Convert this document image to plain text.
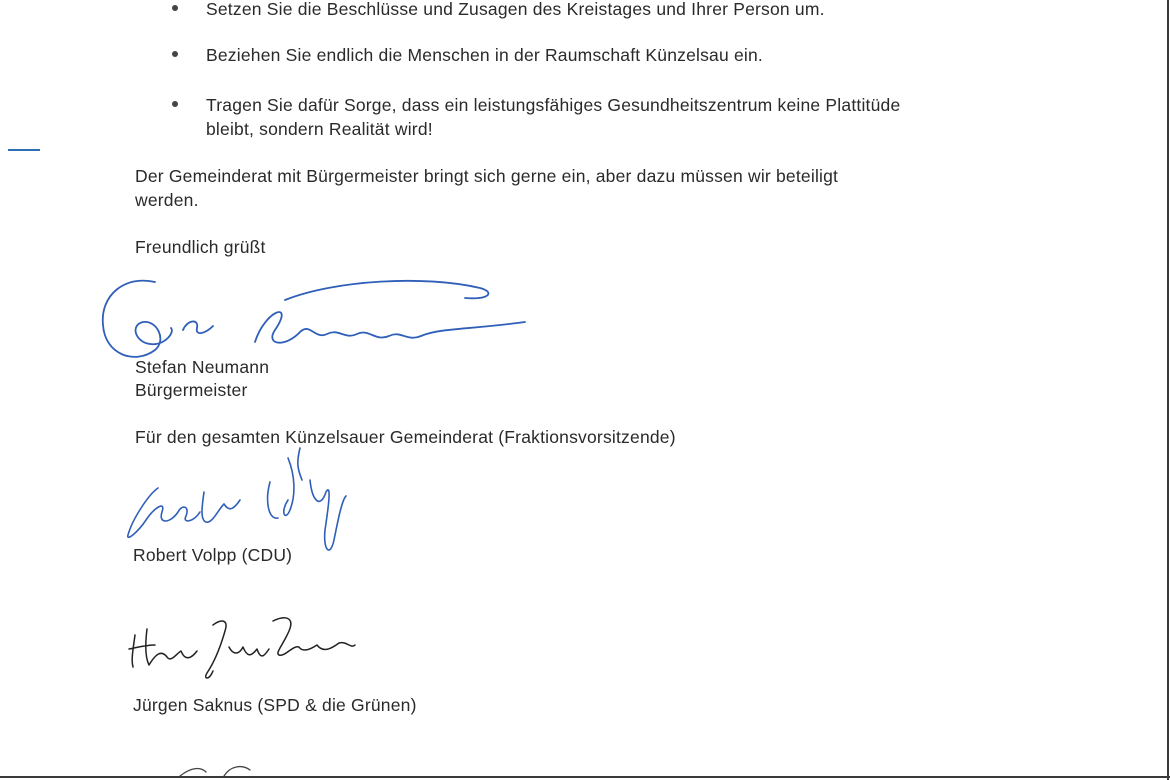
Setzen Sie die Beschlüsse und Zusagen des Kreistages und Ihrer Person um.
Beziehen Sie endlich die Menschen in der Raumschaft Künzelsau ein.
Tragen Sie dafür Sorge, dass ein leistungsfähiges Gesundheitszentrum keine Plattitüde
bleibt, sondern Realität wird!
Der Gemeinderat mit Bürgermeister bringt sich gerne ein, aber dazu müssen wir beteiligt
werden.
Freundlich grüßt
Stefan Neumann
Bürgermeister
Für den gesamten Künzelsauer Gemeinderat (Fraktionsvorsitzende)
Robert Volpp (CDU)
Jürgen Saknus (SPD & die Grünen)
